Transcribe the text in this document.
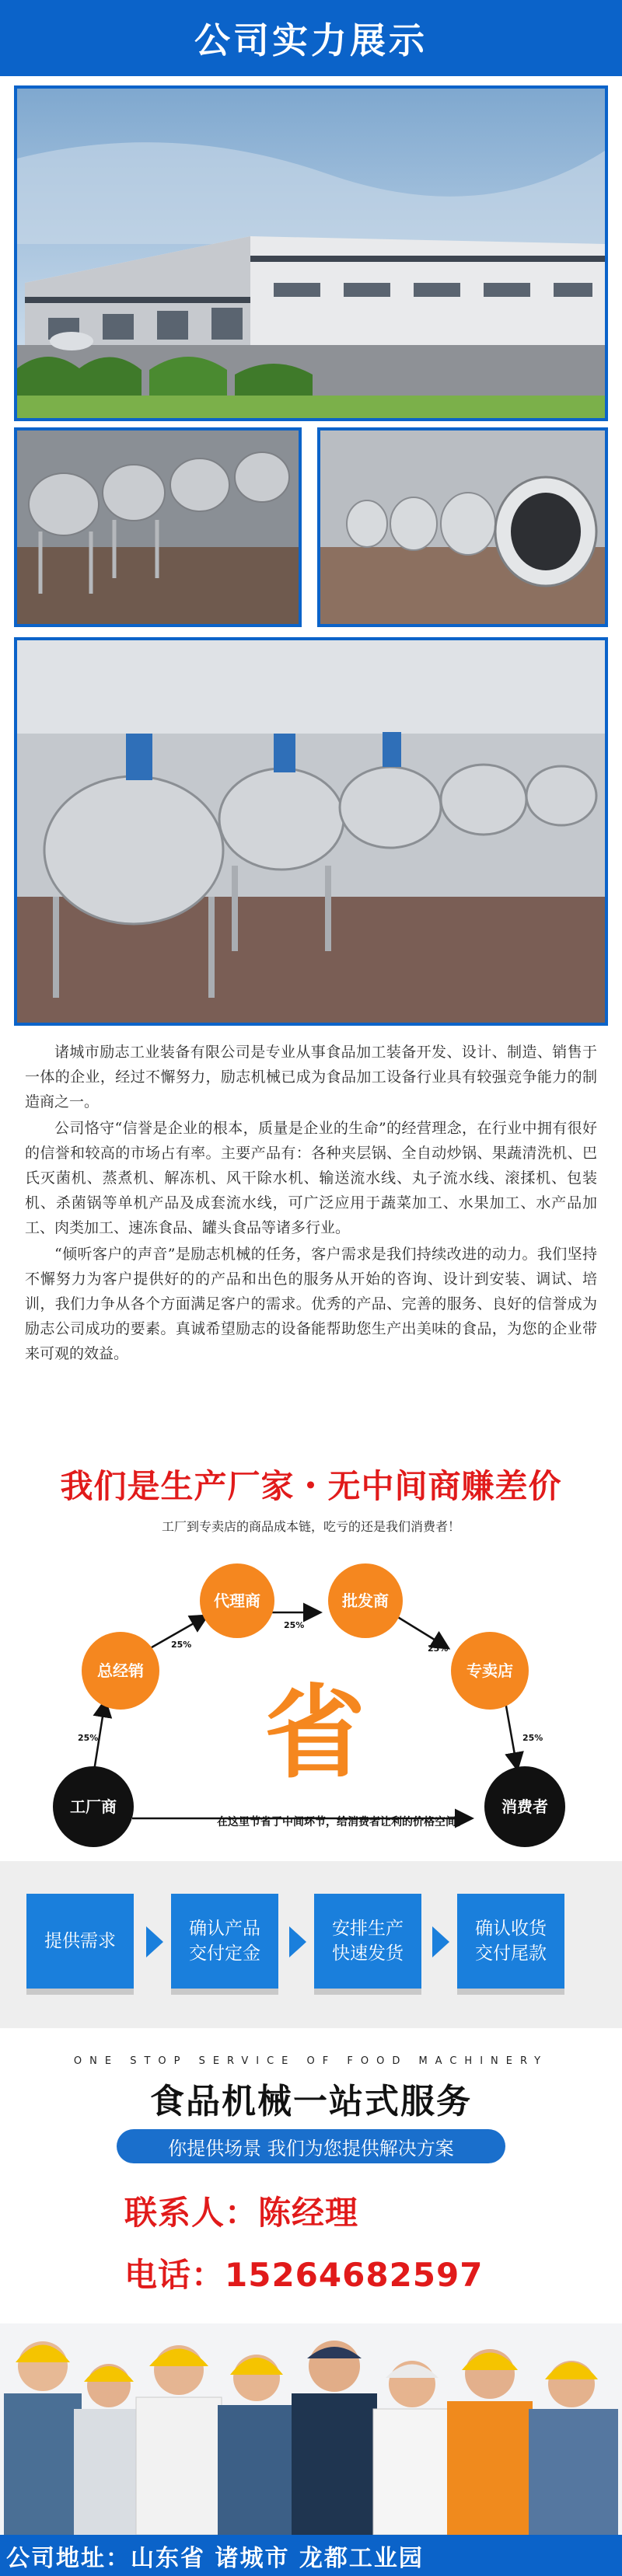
公司实力展示

诸城市励志工业装备有限公司是专业从事食品加工装备开发、设计、制造、销售于一体的企业，经过不懈努力，励志机械已成为食品加工设备行业具有较强竞争能力的制造商之一。

公司恪守“信誉是企业的根本，质量是企业的生命”的经营理念，在行业中拥有很好的信誉和较高的市场占有率。主要产品有：各种夹层锅、全自动炒锅、果蔬清洗机、巴氏灭菌机、蒸煮机、解冻机、风干除水机、输送流水线、丸子流水线、滚揉机、包装机、杀菌锅等单机产品及成套流水线，可广泛应用于蔬菜加工、水果加工、水产品加工、肉类加工、速冻食品、罐头食品等诸多行业。

“倾听客户的声音”是励志机械的任务，客户需求是我们持续改进的动力。我们坚持不懈努力为客户提供好的的产品和出色的服务从开始的咨询、设计到安装、调试、培训，我们力争从各个方面满足客户的需求。优秀的产品、完善的服务、良好的信誉成为励志公司成功的要素。真诚希望励志的设备能帮助您生产出美味的食品，为您的企业带来可观的效益。

我们是生产厂家・无中间商赚差价
工厂到专卖店的商品成本链，吃亏的还是我们消费者！
25%
25%
25%
25%
25%
省
总经销
代理商	批发商
专卖店
工厂商	消费者
在这里节省了中间环节，给消费者让利的价格空间。
提供需求
确认产品
交付定金
安排生产
快速发货
确认收货
交付尾款
ONE STOP SERVICE OF FOOD MACHINERY
食品机械一站式服务
你提供场景 我们为您提供解决方案
联系人：陈经理
电话：15264682597
公司地址：山东省 诸城市 龙都工业园
